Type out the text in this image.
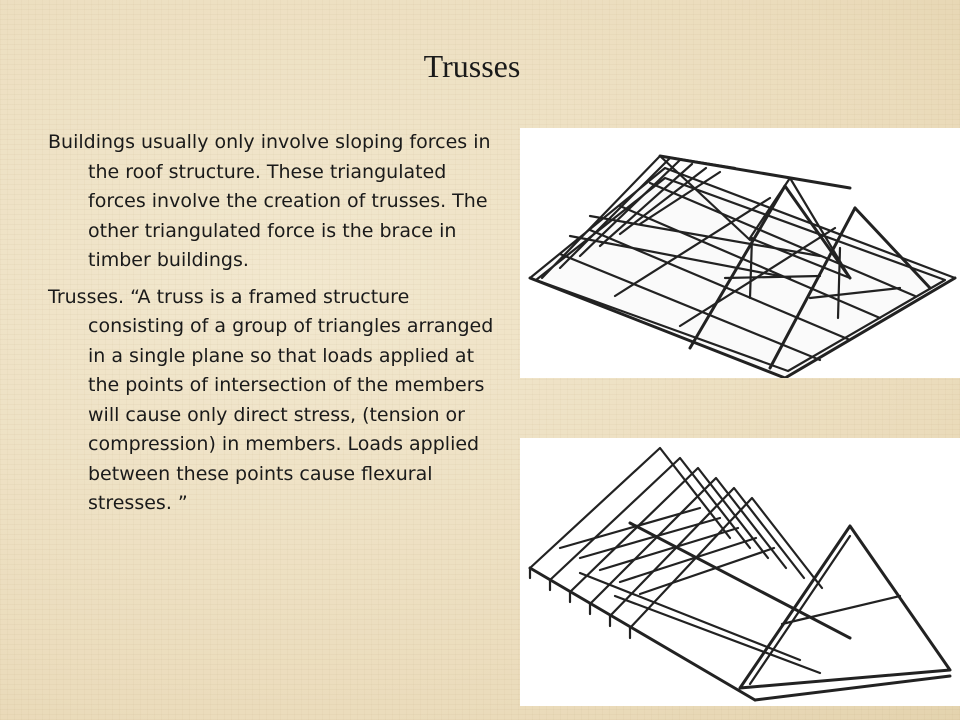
Trusses

Buildings usually only involve sloping forces in the roof structure. These triangulated forces involve the creation of trusses. The other triangulated force is the brace in timber buildings.

Trusses. “A truss is a framed structure consisting of a group of triangles arranged in a single plane so that loads applied at the points of intersection of the members will cause only direct stress, (tension or compression) in members. Loads applied between these points cause flexural stresses. ”
